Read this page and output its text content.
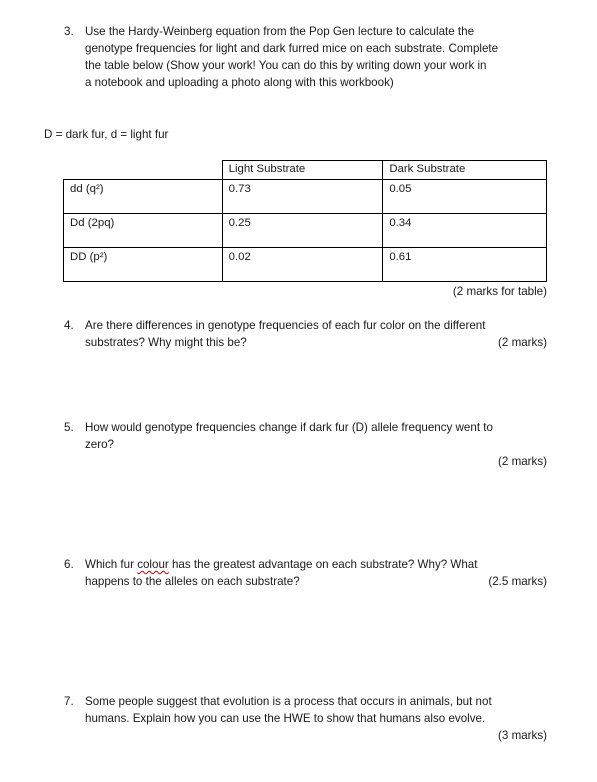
3. Use the Hardy-Weinberg equation from the Pop Gen lecture to calculate the
genotype frequencies for light and dark furred mice on each substrate. Complete
the table below (Show your work! You can do this by writing down your work in
a notebook and uploading a photo along with this workbook)
D = dark fur, d = light fur
	Light Substrate	Dark Substrate
dd (q²)	0.73	0.05
Dd (2pq)	0.25	0.34
DD (p²)	0.02	0.61
(2 marks for table)
4. Are there differences in genotype frequencies of each fur color on the different
substrates? Why might this be?	(2 marks)
5. How would genotype frequencies change if dark fur (D) allele frequency went to
zero?
(2 marks)
6. Which fur colour has the greatest advantage on each substrate? Why? What
happens to the alleles on each substrate?	(2.5 marks)
7. Some people suggest that evolution is a process that occurs in animals, but not
humans. Explain how you can use the HWE to show that humans also evolve.
(3 marks)
